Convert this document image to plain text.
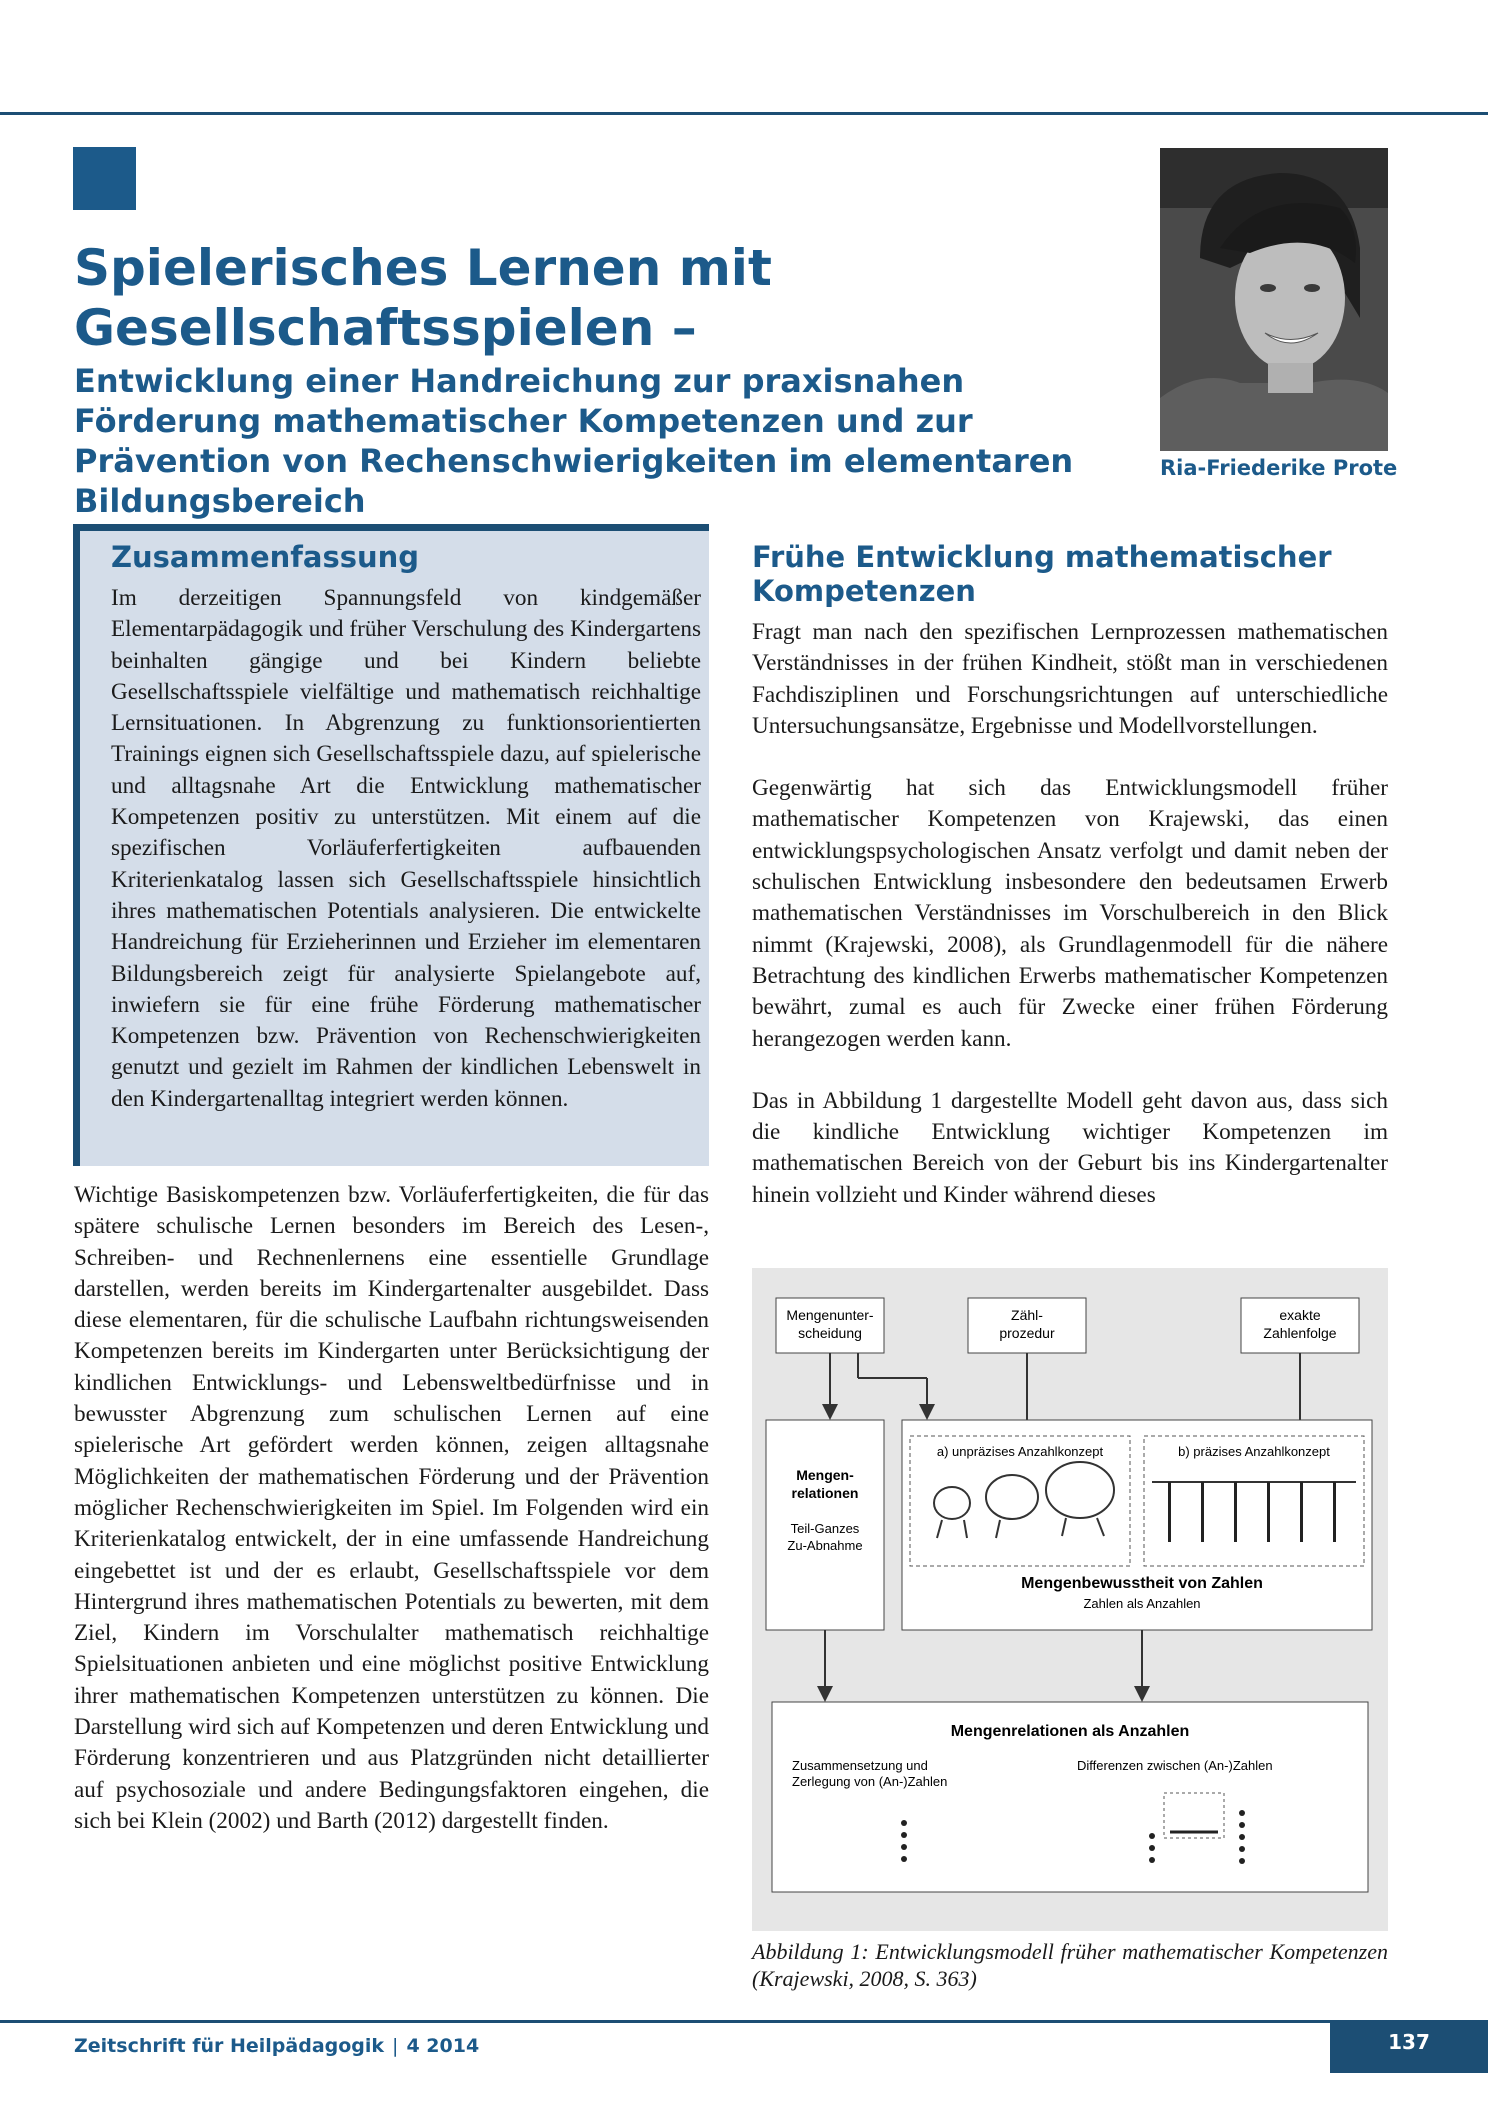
Spielerisches Lernen mit Gesellschaftsspielen –
Entwicklung einer Handreichung zur praxisnahen Förderung mathematischer Kompetenzen und zur Prävention von Rechenschwierigkeiten im elementaren Bildungsbereich
Ria-Friederike Prote
Zusammenfassung
Im derzeitigen Spannungsfeld von kindgemäßer Elementarpädagogik und früher Verschulung des Kindergartens beinhalten gängige und bei Kindern beliebte Gesellschaftsspiele vielfältige und mathematisch reichhaltige Lernsituationen. In Abgrenzung zu funktionsorientierten Trainings eignen sich Gesellschaftsspiele dazu, auf spielerische und alltagsnahe Art die Entwicklung mathematischer Kompetenzen positiv zu unterstützen. Mit einem auf die spezifischen Vorläuferfertigkeiten aufbauenden Kriterienkatalog lassen sich Gesellschaftsspiele hinsichtlich ihres mathematischen Potentials analysieren. Die entwickelte Handreichung für Erzieherinnen und Erzieher im elementaren Bildungsbereich zeigt für analysierte Spielangebote auf, inwiefern sie für eine frühe Förderung mathematischer Kompetenzen bzw. Prävention von Rechenschwierigkeiten genutzt und gezielt im Rahmen der kindlichen Lebenswelt in den Kindergartenalltag integriert werden können.
Wichtige Basiskompetenzen bzw. Vorläuferfertigkeiten, die für das spätere schulische Lernen besonders im Bereich des Lesen-, Schreiben- und Rechnenlernens eine essentielle Grundlage darstellen, werden bereits im Kindergartenalter ausgebildet. Dass diese elementaren, für die schulische Laufbahn richtungsweisenden Kompetenzen bereits im Kindergarten unter Berücksichtigung der kindlichen Entwicklungs- und Lebensweltbedürfnisse und in bewusster Abgrenzung zum schulischen Lernen auf eine spielerische Art gefördert werden können, zeigen alltagsnahe Möglichkeiten der mathematischen Förderung und der Prävention möglicher Rechenschwierigkeiten im Spiel. Im Folgenden wird ein Kriterienkatalog entwickelt, der in eine umfassende Handreichung eingebettet ist und der es erlaubt, Gesellschaftsspiele vor dem Hintergrund ihres mathematischen Potentials zu bewerten, mit dem Ziel, Kindern im Vorschulalter mathematisch reichhaltige Spielsituationen anbieten und eine möglichst positive Entwicklung ihrer mathematischen Kompetenzen unterstützen zu können. Die Darstellung wird sich auf Kompetenzen und deren Entwicklung und Förderung konzentrieren und aus Platzgründen nicht detaillierter auf psychosoziale und andere Bedingungsfaktoren eingehen, die sich bei Klein (2002) und Barth (2012) dargestellt finden.
Frühe Entwicklung mathematischer Kompetenzen

Fragt man nach den spezifischen Lernprozessen mathematischen Verständnisses in der frühen Kindheit, stößt man in verschiedenen Fachdisziplinen und Forschungsrichtungen auf unterschiedliche Untersuchungsansätze, Ergebnisse und Modellvorstellungen.

Gegenwärtig hat sich das Entwicklungsmodell früher mathematischer Kompetenzen von Krajewski, das einen entwicklungspsychologischen Ansatz verfolgt und damit neben der schulischen Entwicklung insbesondere den bedeutsamen Erwerb mathematischen Verständnisses im Vorschulbereich in den Blick nimmt (Krajewski, 2008), als Grundlagenmodell für die nähere Betrachtung des kindlichen Erwerbs mathematischer Kompetenzen bewährt, zumal es auch für Zwecke einer frühen Förderung herangezogen werden kann.

Das in Abbildung 1 dargestellte Modell geht davon aus, dass sich die kindliche Entwicklung wichtiger Kompetenzen im mathematischen Bereich von der Geburt bis ins Kindergartenalter hinein vollzieht und Kinder während dieses

Mengenunter-
scheidung
Zähl-
prozedur
exakte
Zahlenfolge
Mengen-
relationen
Teil-Ganzes
Zu-Abnahme
a) unpräzises Anzahlkonzept	b) präzises Anzahlkonzept
Mengenbewusstheit von Zahlen
Zahlen als Anzahlen
Mengenrelationen als Anzahlen
Zusammensetzung und
Zerlegung von (An-)Zahlen
Differenzen zwischen (An-)Zahlen
Abbildung 1: Entwicklungsmodell früher mathematischer Kompetenzen (Krajewski, 2008, S. 363)
Zeitschrift für Heilpädagogik | 4 2014	137
